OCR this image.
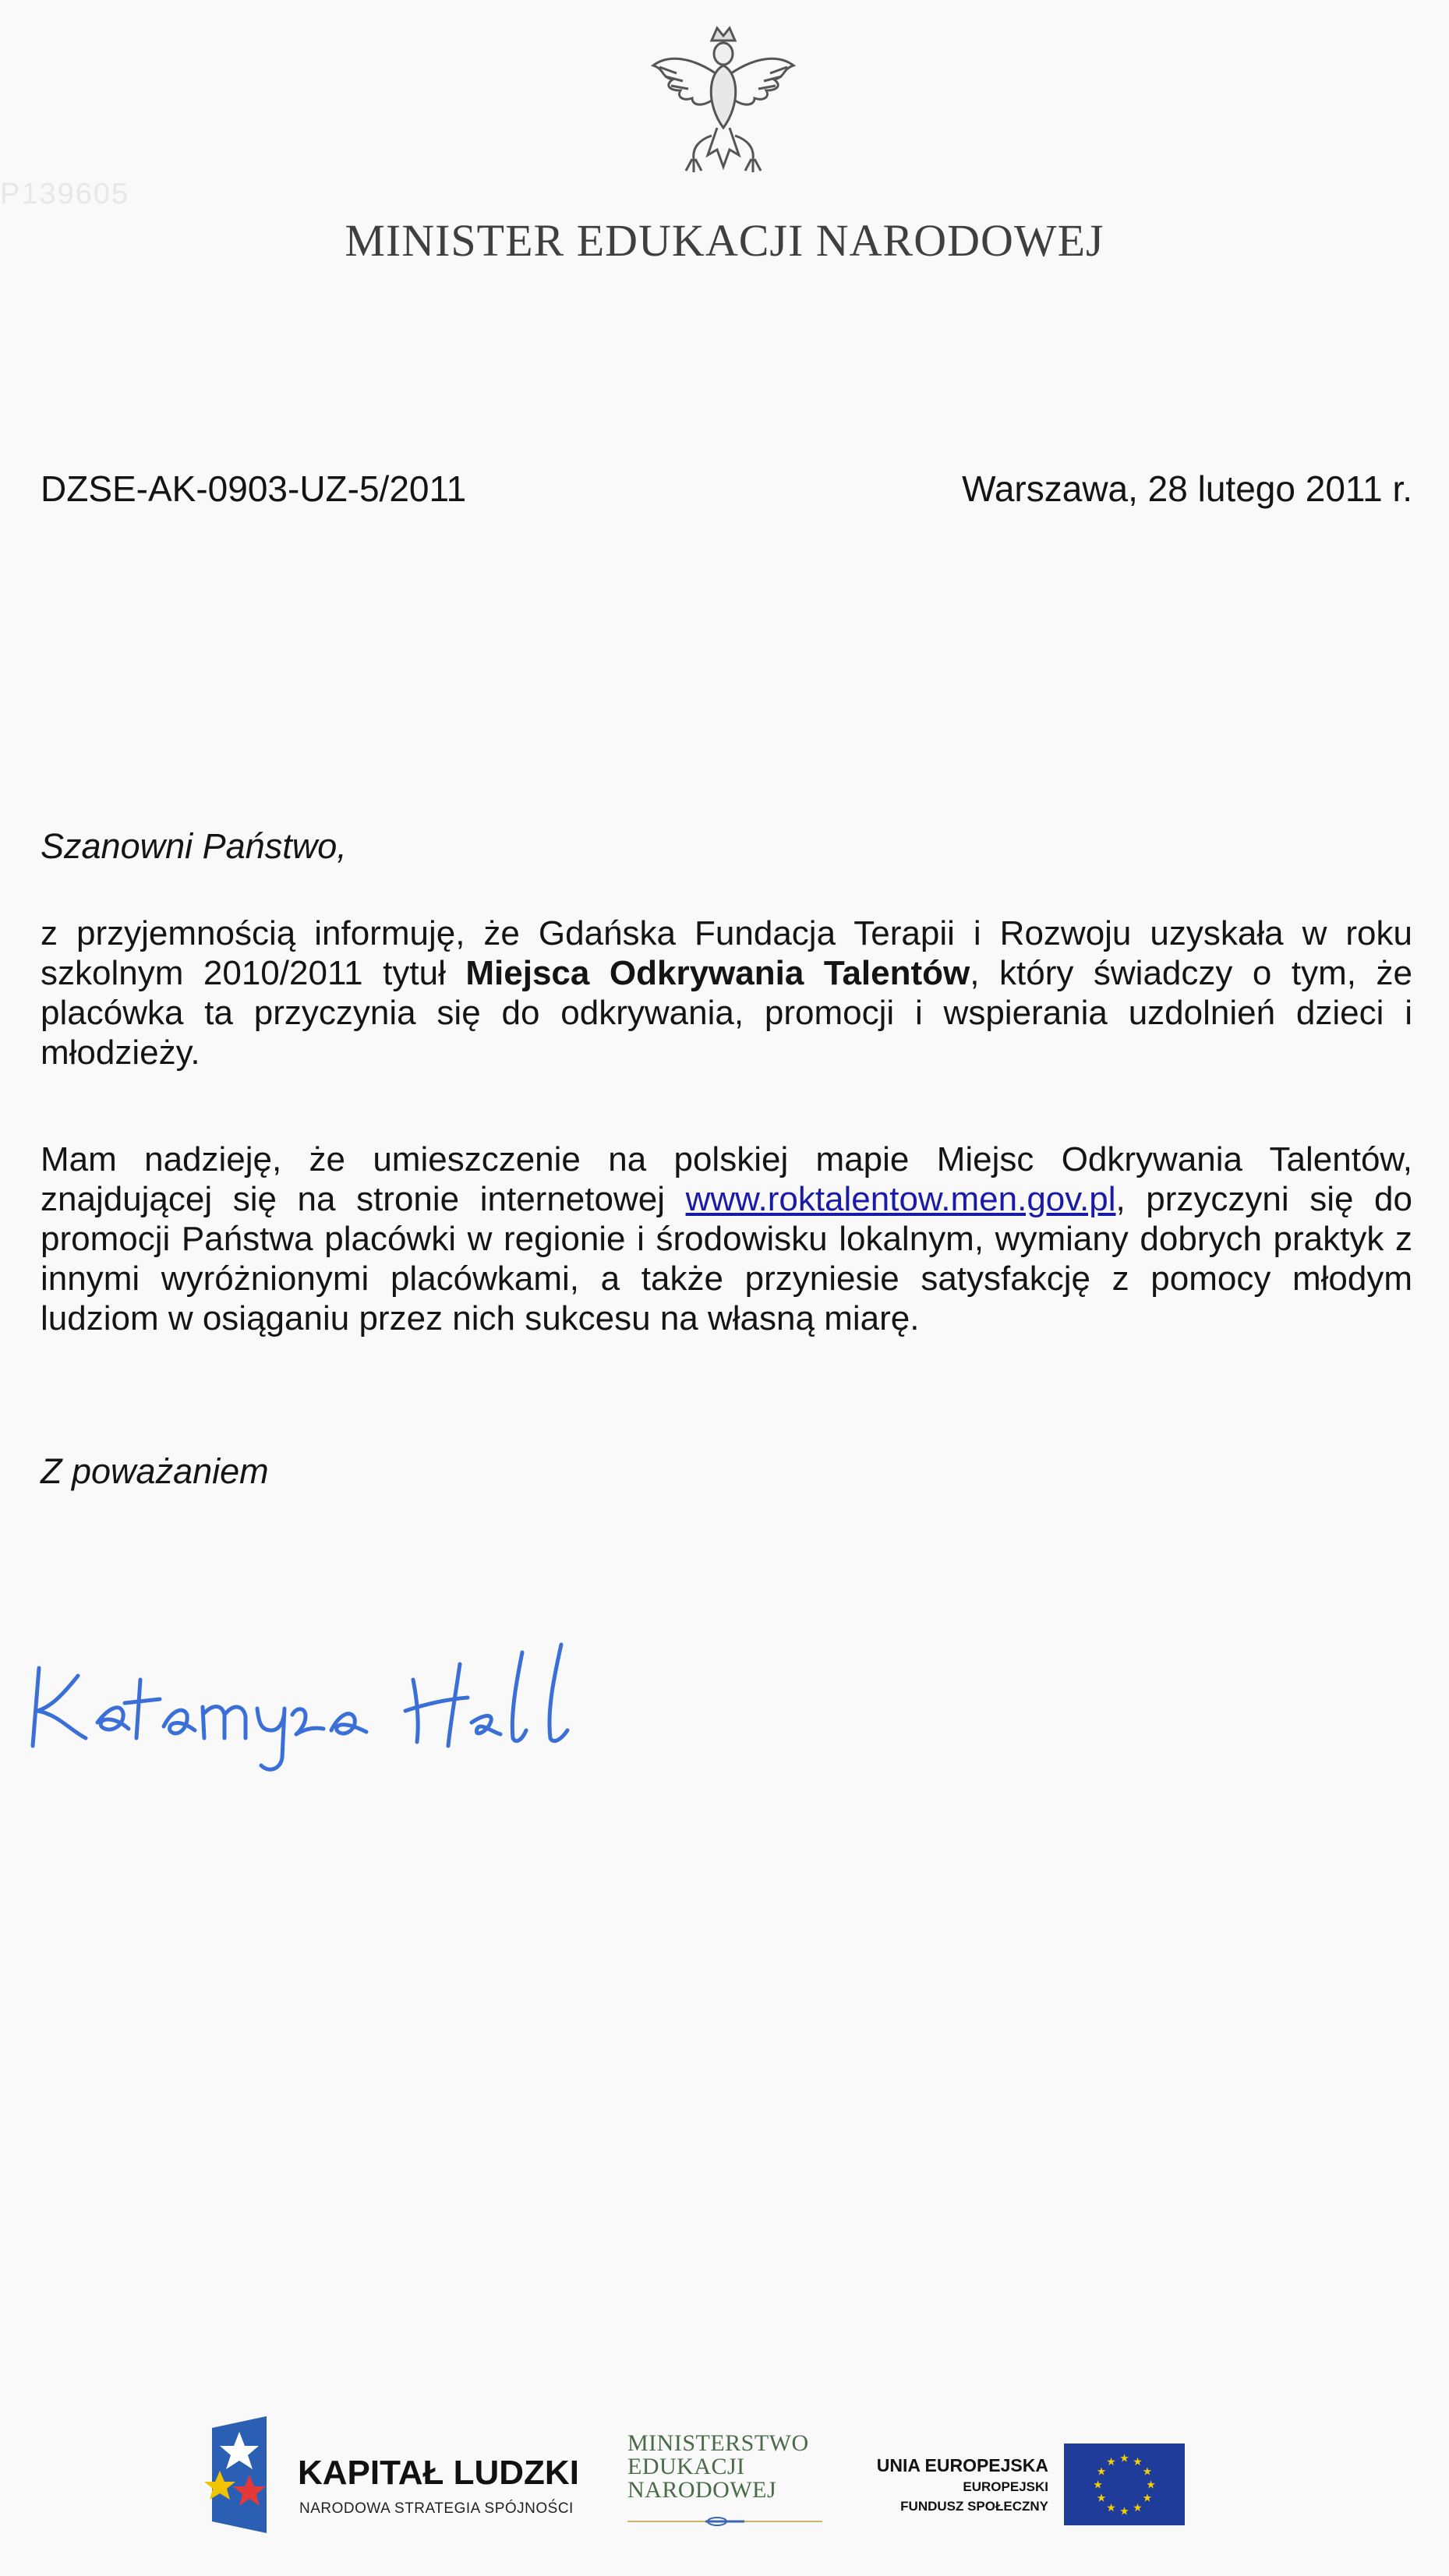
P139605
MINISTER EDUKACJI NARODOWEJ
DZSE-AK-0903-UZ-5/2011	Warszawa, 28 lutego 2011 r.
Szanowni Państwo,
z przyjemnością informuję, że Gdańska Fundacja Terapii i Rozwoju uzyskała w roku szkolnym 2010/2011 tytuł Miejsca Odkrywania Talentów, który świadczy o tym, że placówka ta przyczynia się do odkrywania, promocji i wspierania uzdolnień dzieci i młodzieży.
Mam nadzieję, że umieszczenie na polskiej mapie Miejsc Odkrywania Talentów, znajdującej się na stronie internetowej www.roktalentow.men.gov.pl, przyczyni się do promocji Państwa placówki w regionie i środowisku lokalnym, wymiany dobrych praktyk z innymi wyróżnionymi placówkami, a także przyniesie satysfakcję z pomocy młodym ludziom w osiąganiu przez nich sukcesu na własną miarę.
Z poważaniem
KAPITAŁ LUDZKI
NARODOWA STRATEGIA SPÓJNOŚCI
MINISTERSTWO
EDUKACJI
NARODOWEJ
UNIA EUROPEJSKA
EUROPEJSKI
FUNDUSZ SPOŁECZNY
★ ★
★
★
★
★
★
★
★
★
★
★
